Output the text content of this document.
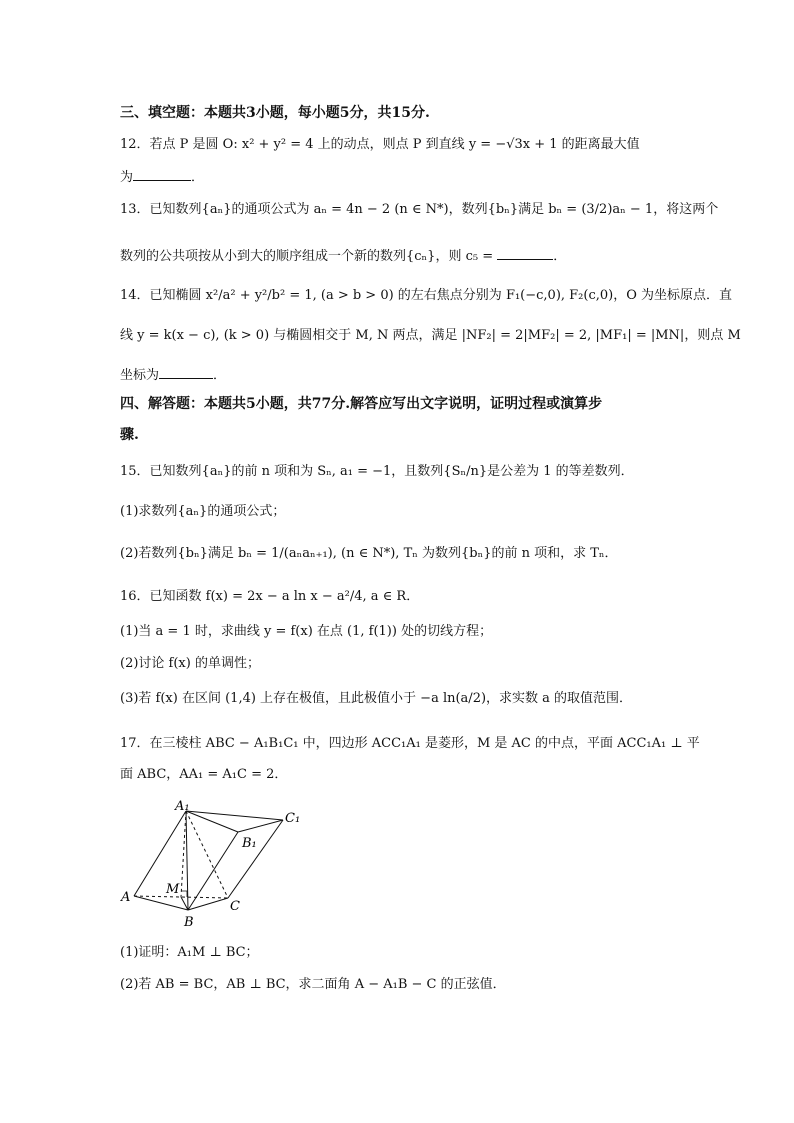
三、填空题：本题共3小题，每小题5分，共15分.
12．若点 P 是圆 O: x² + y² = 4 上的动点，则点 P 到直线 y = −√3x + 1 的距离最大值
为	．
13．已知数列{aₙ}的通项公式为 aₙ = 4n − 2 (n ∈ N*)，数列{bₙ}满足 bₙ = (3/2)aₙ − 1，将这两个
数列的公共项按从小到大的顺序组成一个新的数列{cₙ}，则 c₅ =	．
14．已知椭圆 x²/a² + y²/b² = 1, (a > b > 0) 的左右焦点分别为 F₁(−c,0), F₂(c,0)，O 为坐标原点．直
线 y = k(x − c), (k > 0) 与椭圆相交于 M, N 两点，满足 |NF₂| = 2|MF₂| = 2, |MF₁| = |MN|，则点 M
坐标为	．
四、解答题：本题共5小题，共77分.解答应写出文字说明，证明过程或演算步
骤.
15．已知数列{aₙ}的前 n 项和为 Sₙ, a₁ = −1，且数列{Sₙ/n}是公差为 1 的等差数列．
(1)求数列{aₙ}的通项公式；
(2)若数列{bₙ}满足 bₙ = 1/(aₙaₙ₊₁), (n ∈ N*), Tₙ 为数列{bₙ}的前 n 项和，求 Tₙ．
16．已知函数 f(x) = 2x − a ln x − a²/4, a ∈ R．
(1)当 a = 1 时，求曲线 y = f(x) 在点 (1, f(1)) 处的切线方程；
(2)讨论 f(x) 的单调性；
(3)若 f(x) 在区间 (1,4) 上存在极值，且此极值小于 −a ln(a/2)，求实数 a 的取值范围．
17．在三棱柱 ABC − A₁B₁C₁ 中，四边形 ACC₁A₁ 是菱形，M 是 AC 的中点，平面 ACC₁A₁ ⊥ 平
面 ABC，AA₁ = A₁C = 2．
A₁
C₁
B₁
A
M
C
B
(1)证明：A₁M ⊥ BC；
(2)若 AB = BC，AB ⊥ BC，求二面角 A − A₁B − C 的正弦值．
